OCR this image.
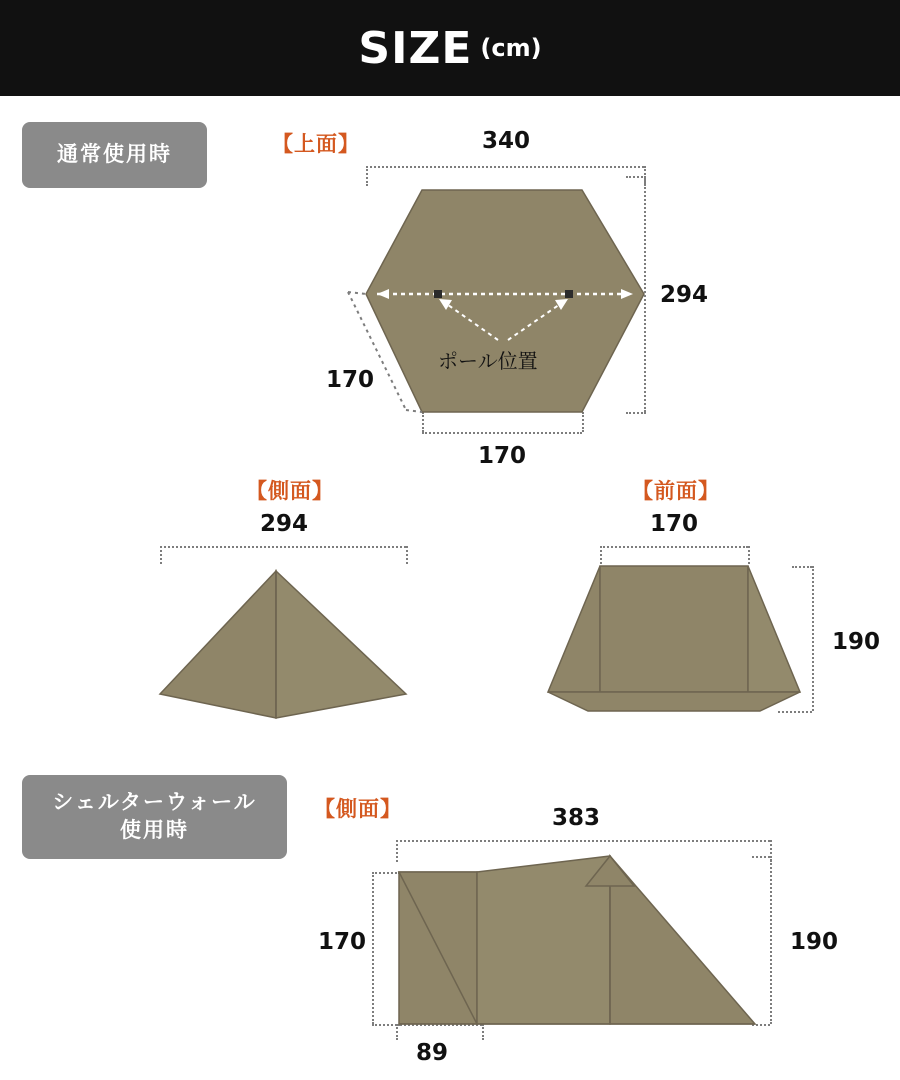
SIZE (cm)
通常使用時
シェルターウォール
使用時
【上面】	340
294
170
170
ポール位置
【側面】
294
【前面】
170
190
【側面】	383
170	190
89
